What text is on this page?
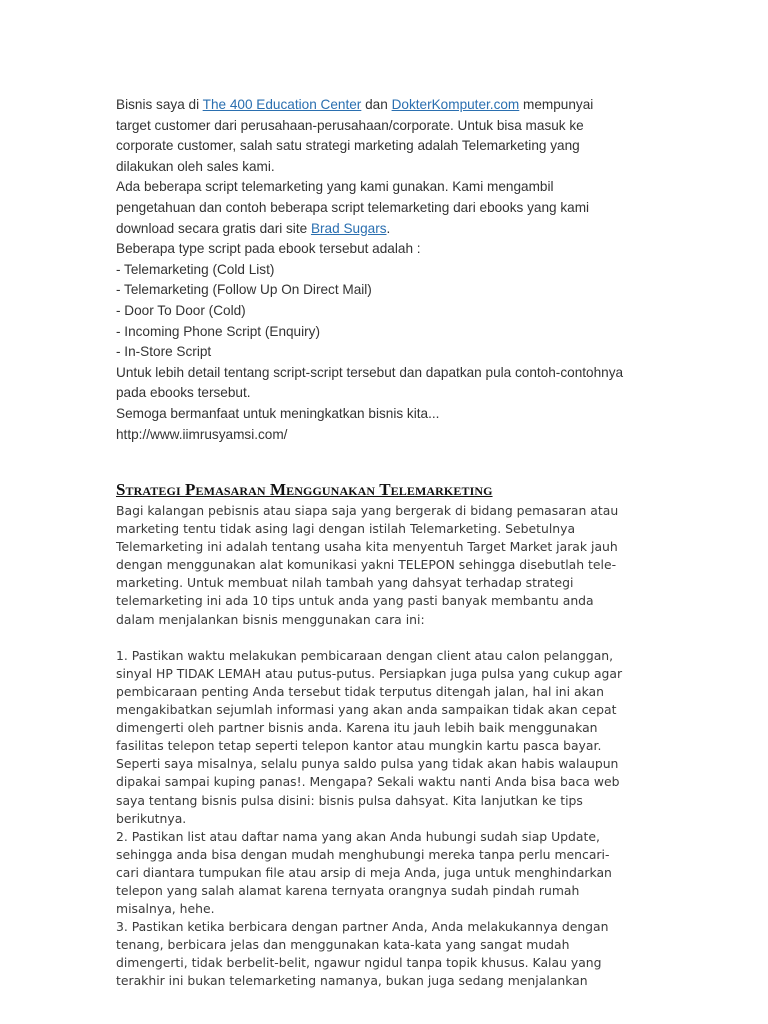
Bisnis saya di The 400 Education Center dan DokterKomputer.com mempunyai
target customer dari perusahaan-perusahaan/corporate. Untuk bisa masuk ke
corporate customer, salah satu strategi marketing adalah Telemarketing yang
dilakukan oleh sales kami.
Ada beberapa script telemarketing yang kami gunakan. Kami mengambil
pengetahuan dan contoh beberapa script telemarketing dari ebooks yang kami
download secara gratis dari site Brad Sugars.
Beberapa type script pada ebook tersebut adalah :
- Telemarketing (Cold List)
- Telemarketing (Follow Up On Direct Mail)
- Door To Door (Cold)
- Incoming Phone Script (Enquiry)
- In-Store Script
Untuk lebih detail tentang script-script tersebut dan dapatkan pula contoh-contohnya
pada ebooks tersebut.
Semoga bermanfaat untuk meningkatkan bisnis kita...
http://www.iimrusyamsi.com/
Strategi Pemasaran Menggunakan Telemarketing
Bagi kalangan pebisnis atau siapa saja yang bergerak di bidang pemasaran atau
marketing tentu tidak asing lagi dengan istilah Telemarketing. Sebetulnya
Telemarketing ini adalah tentang usaha kita menyentuh Target Market jarak jauh
dengan menggunakan alat komunikasi yakni TELEPON sehingga disebutlah tele-
marketing. Untuk membuat nilah tambah yang dahsyat terhadap strategi
telemarketing ini ada 10 tips untuk anda yang pasti banyak membantu anda
dalam menjalankan bisnis menggunakan cara ini:
1. Pastikan waktu melakukan pembicaraan dengan client atau calon pelanggan,
sinyal HP TIDAK LEMAH atau putus-putus. Persiapkan juga pulsa yang cukup agar
pembicaraan penting Anda tersebut tidak terputus ditengah jalan, hal ini akan
mengakibatkan sejumlah informasi yang akan anda sampaikan tidak akan cepat
dimengerti oleh partner bisnis anda. Karena itu jauh lebih baik menggunakan
fasilitas telepon tetap seperti telepon kantor atau mungkin kartu pasca bayar.
Seperti saya misalnya, selalu punya saldo pulsa yang tidak akan habis walaupun
dipakai sampai kuping panas!. Mengapa? Sekali waktu nanti Anda bisa baca web
saya tentang bisnis pulsa disini: bisnis pulsa dahsyat. Kita lanjutkan ke tips
berikutnya.
2. Pastikan list atau daftar nama yang akan Anda hubungi sudah siap Update,
sehingga anda bisa dengan mudah menghubungi mereka tanpa perlu mencari-
cari diantara tumpukan file atau arsip di meja Anda, juga untuk menghindarkan
telepon yang salah alamat karena ternyata orangnya sudah pindah rumah
misalnya, hehe.
3. Pastikan ketika berbicara dengan partner Anda, Anda melakukannya dengan
tenang, berbicara jelas dan menggunakan kata-kata yang sangat mudah
dimengerti, tidak berbelit-belit, ngawur ngidul tanpa topik khusus. Kalau yang
terakhir ini bukan telemarketing namanya, bukan juga sedang menjalankan
